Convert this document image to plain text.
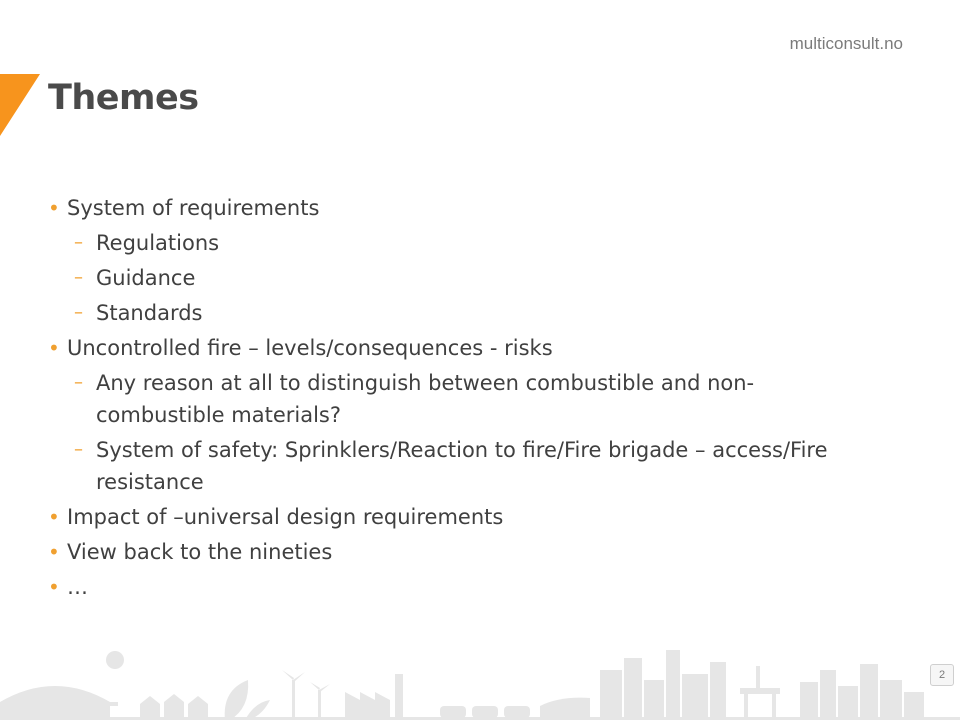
multiconsult.no
Themes
• System of requirements
– Regulations
– Guidance
– Standards
• Uncontrolled fire – levels/consequences - risks
– Any reason at all to distinguish between combustible and non-combustible materials?
– System of safety: Sprinklers/Reaction to fire/Fire brigade – access/Fire resistance
• Impact of –universal design requirements
• View back to the nineties
• …
2
